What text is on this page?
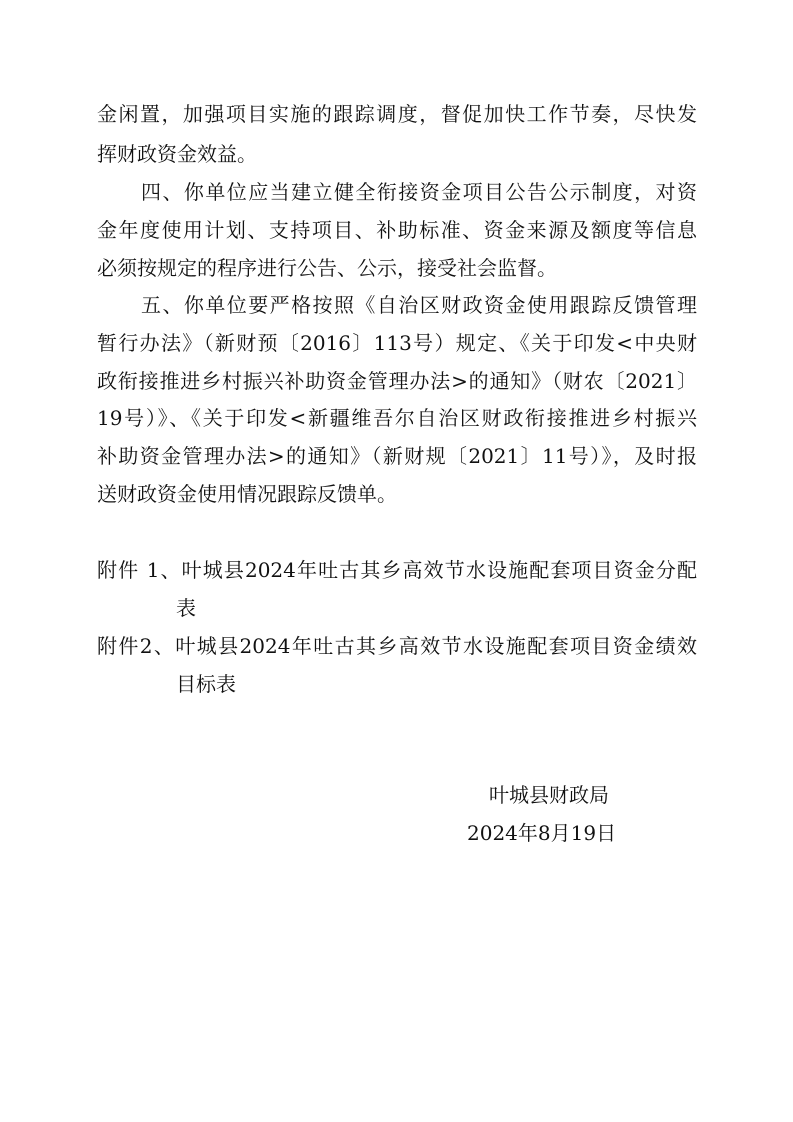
金闲置，加强项目实施的跟踪调度，督促加快工作节奏，尽快发
挥财政资金效益。
四、你单位应当建立健全衔接资金项目公告公示制度，对资
金年度使用计划、支持项目、补助标准、资金来源及额度等信息
必须按规定的程序进行公告、公示，接受社会监督。
五、你单位要严格按照《自治区财政资金使用跟踪反馈管理
暂行办法》（新财预〔2016〕113号）规定、《关于印发<中央财
政衔接推进乡村振兴补助资金管理办法>的通知》（财农〔2021〕
19号）》、《关于印发<新疆维吾尔自治区财政衔接推进乡村振兴
补助资金管理办法>的通知》（新财规〔2021〕11号）》，及时报
送财政资金使用情况跟踪反馈单。
附件 1、叶城县2024年吐古其乡高效节水设施配套项目资金分配
表
附件2、叶城县2024年吐古其乡高效节水设施配套项目资金绩效
目标表
叶城县财政局
2024年8月19日
